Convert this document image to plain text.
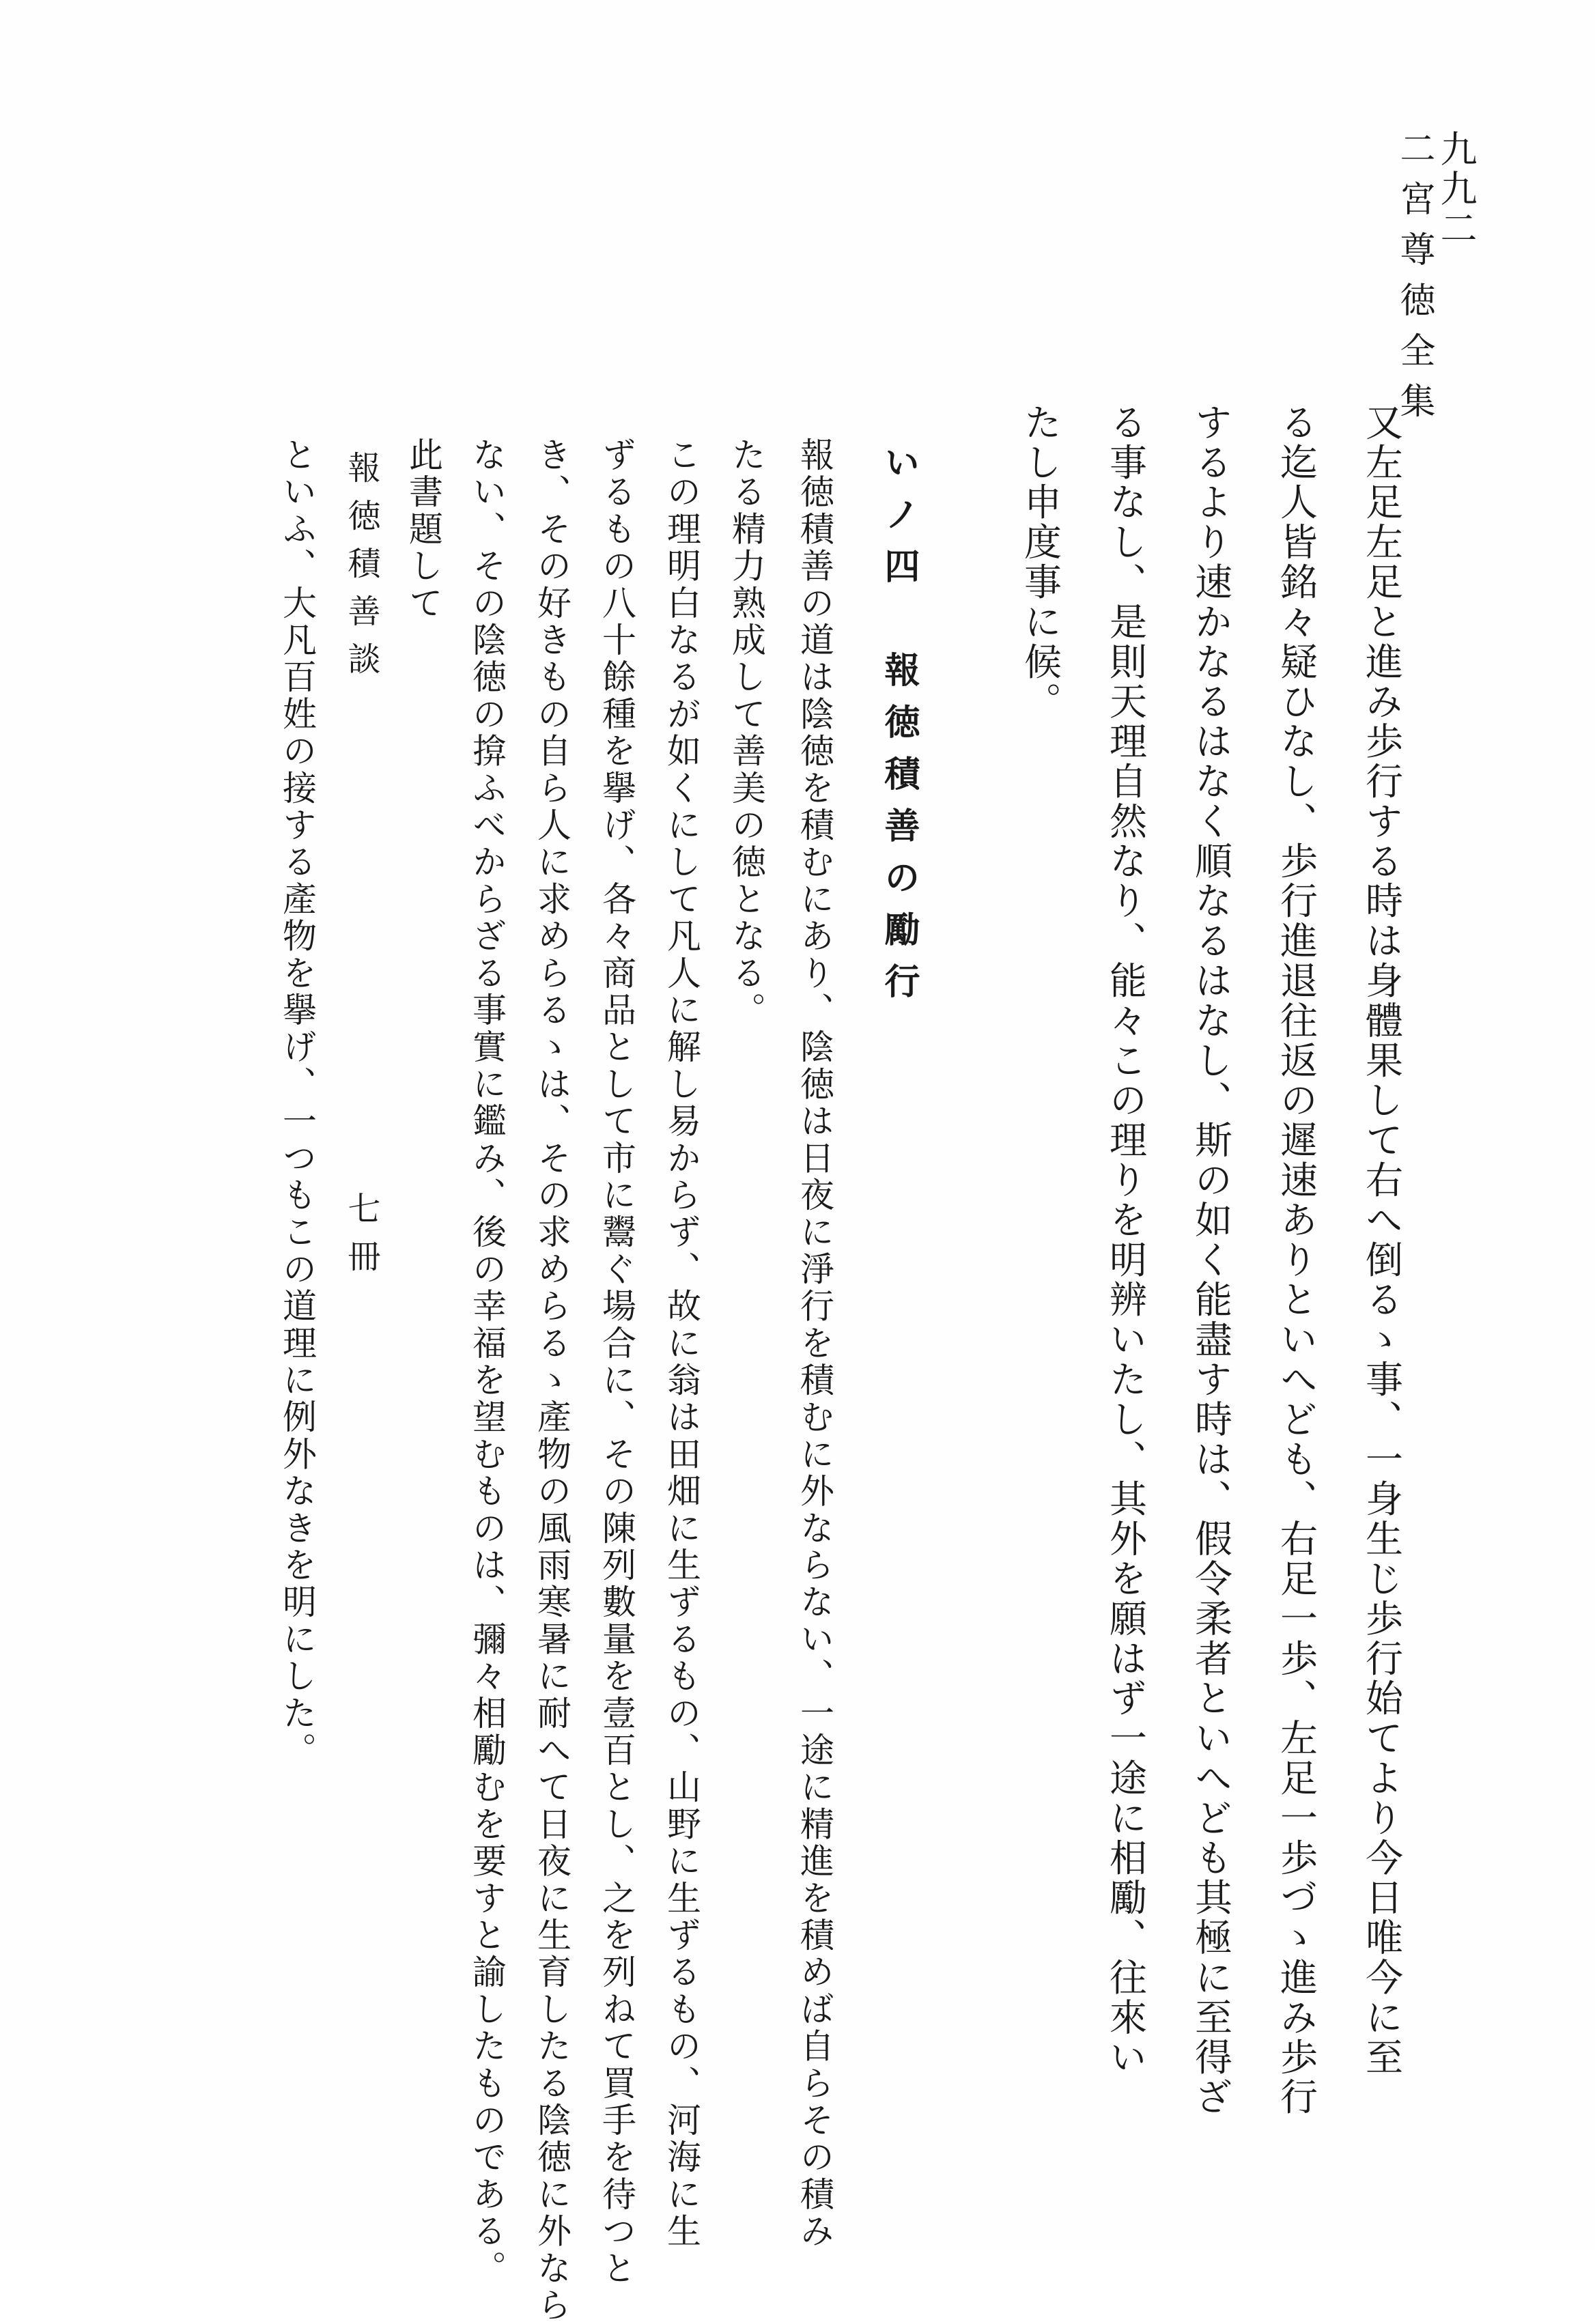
九九二
二宮尊徳全集
又左足左足と進み歩行する時は身體果して右へ倒るゝ事、一身生じ歩行始てより今日唯今に至
る迄人皆銘々疑ひなし、歩行進退往返の遲速ありといへども、右足一歩、左足一歩づゝ進み歩行
するより速かなるはなく順なるはなし、斯の如く能盡す時は、假令柔者といへども其極に至得ざ
る事なし、是則天理自然なり、能々この理りを明辨いたし、其外を願はず一途に相勵、往來い
たし申度事に候。
いノ四　報徳積善の勵行
報徳積善の道は陰徳を積むにあり、陰徳は日夜に淨行を積むに外ならない、一途に精進を積めば自らその積み
たる精力熟成して善美の徳となる。
この理明白なるが如くにして凡人に解し易からず、故に翁は田畑に生ずるもの、山野に生ずるもの、河海に生
ずるもの八十餘種を擧げ、各々商品として市に鬻ぐ場合に、その陳列數量を壹百とし、之を列ねて買手を待つと
き、その好きもの自ら人に求めらるゝは、その求めらるゝ產物の風雨寒暑に耐へて日夜に生育したる陰徳に外なら
ない、その陰徳の揜ふべからざる事實に鑑み、後の幸福を望むものは、彌々相勵むを要すと諭したものである。
此書題して
報徳積善談
七冊
といふ、大凡百姓の接する產物を擧げ、一つもこの道理に例外なきを明にした。
